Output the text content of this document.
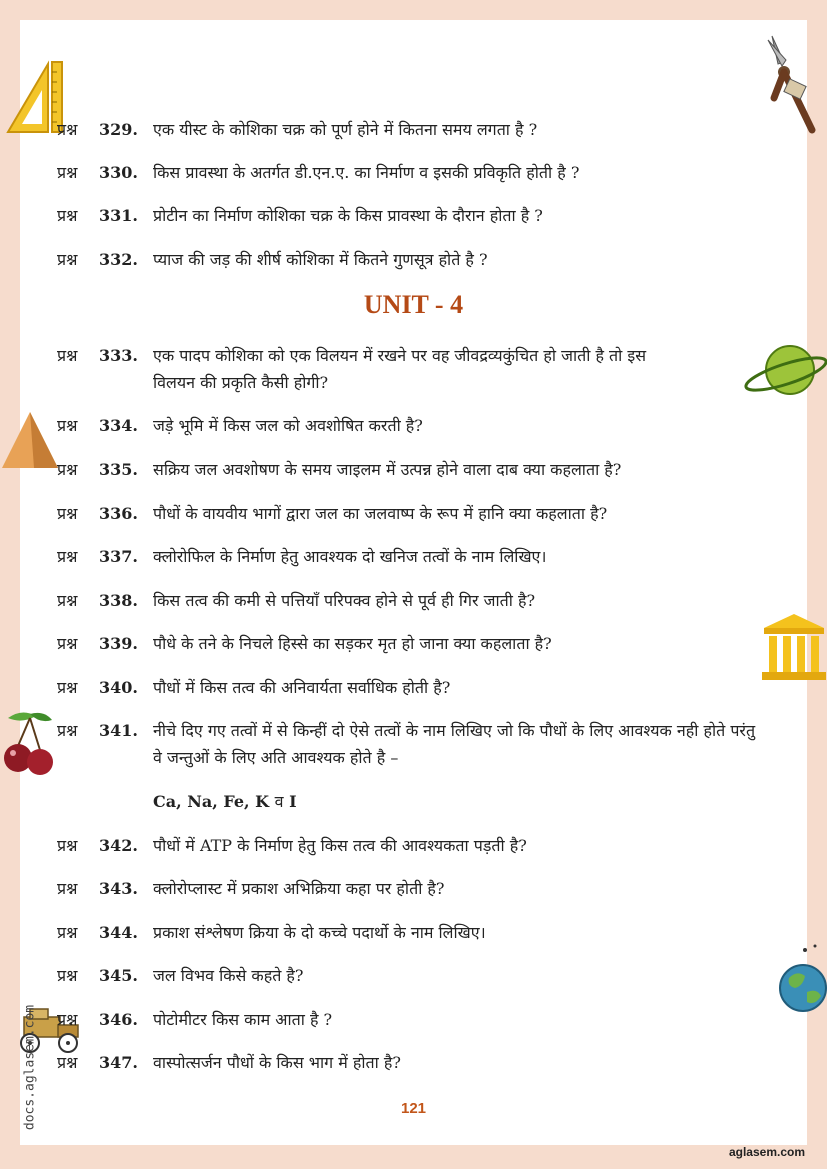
docs.aglasem.com
प्रश्न 329. एक यीस्ट के कोशिका चक्र को पूर्ण होने में कितना समय लगता है ?
प्रश्न 330. किस प्रावस्था के अतर्गत डी.एन.ए. का निर्माण व इसकी प्रविकृति होती है ?
प्रश्न 331. प्रोटीन का निर्माण कोशिका चक्र के किस प्रावस्था के दौरान होता है ?
प्रश्न 332. प्याज की जड़ की शीर्ष कोशिका में कितने गुणसूत्र होते है ?
UNIT - 4
प्रश्न 333. एक पादप कोशिका को एक विलयन में रखने पर वह जीवद्रव्यकुंचित हो जाती है तो इस विलयन की प्रकृति कैसी होगी?
प्रश्न 334. जड़े भूमि में किस जल को अवशोषित करती है?
प्रश्न 335. सक्रिय जल अवशोषण के समय जाइलम में उत्पन्न होने वाला दाब क्या कहलाता है?
प्रश्न 336. पौधों के वायवीय भागों द्वारा जल का जलवाष्प के रूप में हानि क्या कहलाता है?
प्रश्न 337. क्लोरोफिल के निर्माण हेतु आवश्यक दो खनिज तत्वों के नाम लिखिए।
प्रश्न 338. किस तत्व की कमी से पत्तियाँ परिपक्व होने से पूर्व ही गिर जाती है?
प्रश्न 339. पौधे के तने के निचले हिस्से का सड़कर मृत हो जाना क्या कहलाता है?
प्रश्न 340. पौधों में किस तत्व की अनिवार्यता सर्वाधिक होती है?
प्रश्न 341. नीचे दिए गए तत्वों में से किन्हीं दो ऐसे तत्वों के नाम लिखिए जो कि पौधों के लिए आवश्यक नही होते परंतु वे जन्तुओं के लिए अति आवश्यक होते है –
Ca, Na, Fe, K व I
प्रश्न 342. पौधों में ATP के निर्माण हेतु किस तत्व की आवश्यकता पड़ती है?
प्रश्न 343. क्लोरोप्लास्ट में प्रकाश अभिक्रिया कहा पर होती है?
प्रश्न 344. प्रकाश संश्लेषण क्रिया के दो कच्चे पदार्थो के नाम लिखिए।
प्रश्न 345. जल विभव किसे कहते है?
प्रश्न 346. पोटोमीटर किस काम आता है ?
प्रश्न 347. वास्पोत्सर्जन पौधों के किस भाग में होता है?
121
aglasem.com
